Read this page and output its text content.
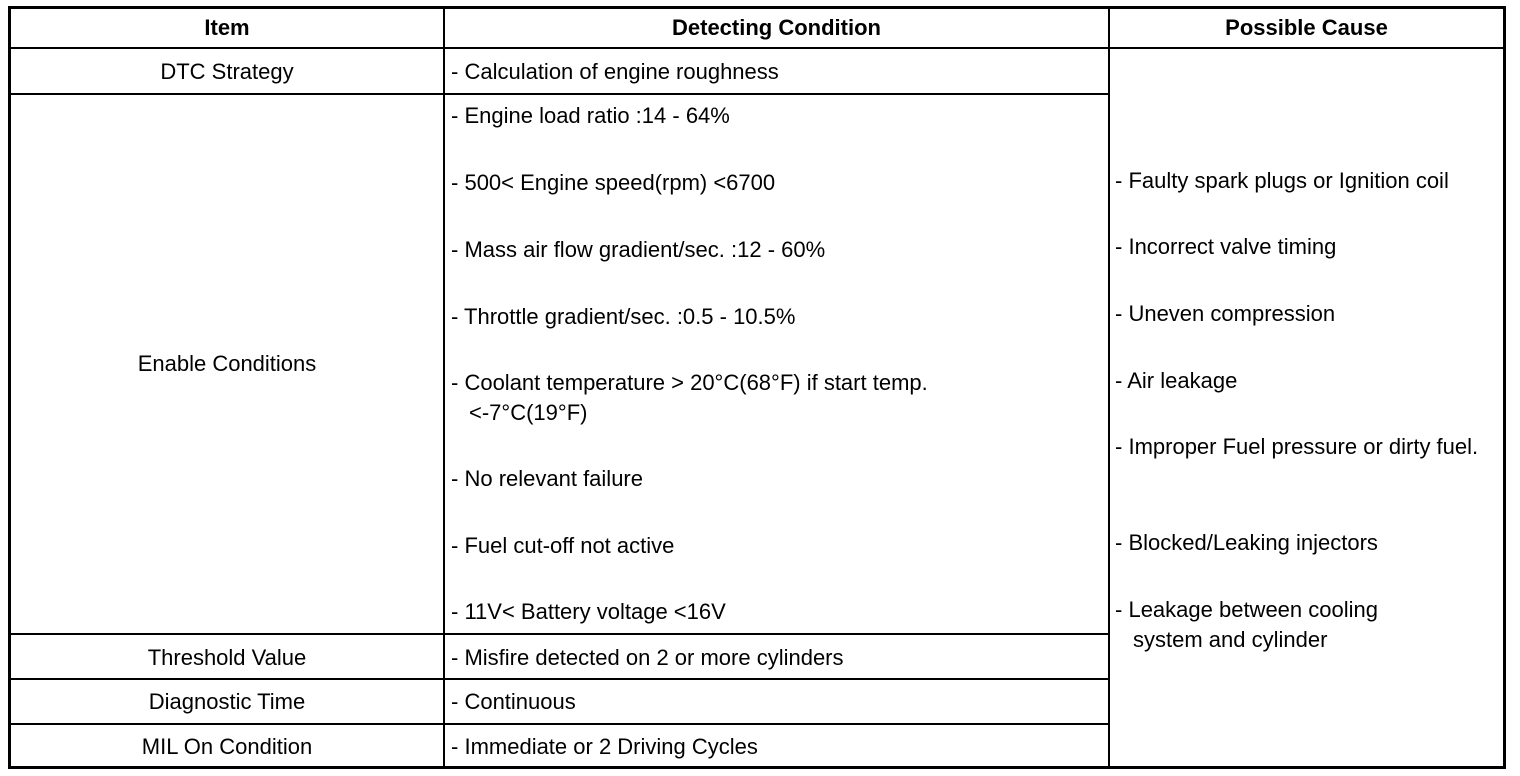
Item	Detecting Condition	Possible Cause
DTC Strategy
Enable Conditions
Threshold Value
Diagnostic Time
MIL On Condition
- Calculation of engine roughness
- Engine load ratio :14 - 64%
- 500< Engine speed(rpm) <6700
- Mass air flow gradient/sec. :12 - 60%
- Throttle gradient/sec. :0.5 - 10.5%
- Coolant temperature > 20°C(68°F) if start temp. <-7°C(19°F)
- No relevant failure
- Fuel cut-off not active
- 11V< Battery voltage <16V
- Misfire detected on 2 or more cylinders
- Continuous
- Immediate or 2 Driving Cycles
- Faulty spark plugs or Ignition coil
- Incorrect valve timing
- Uneven compression
- Air leakage
- Improper Fuel pressure or dirty fuel.
- Blocked/Leaking injectors
- Leakage between cooling system and cylinder
